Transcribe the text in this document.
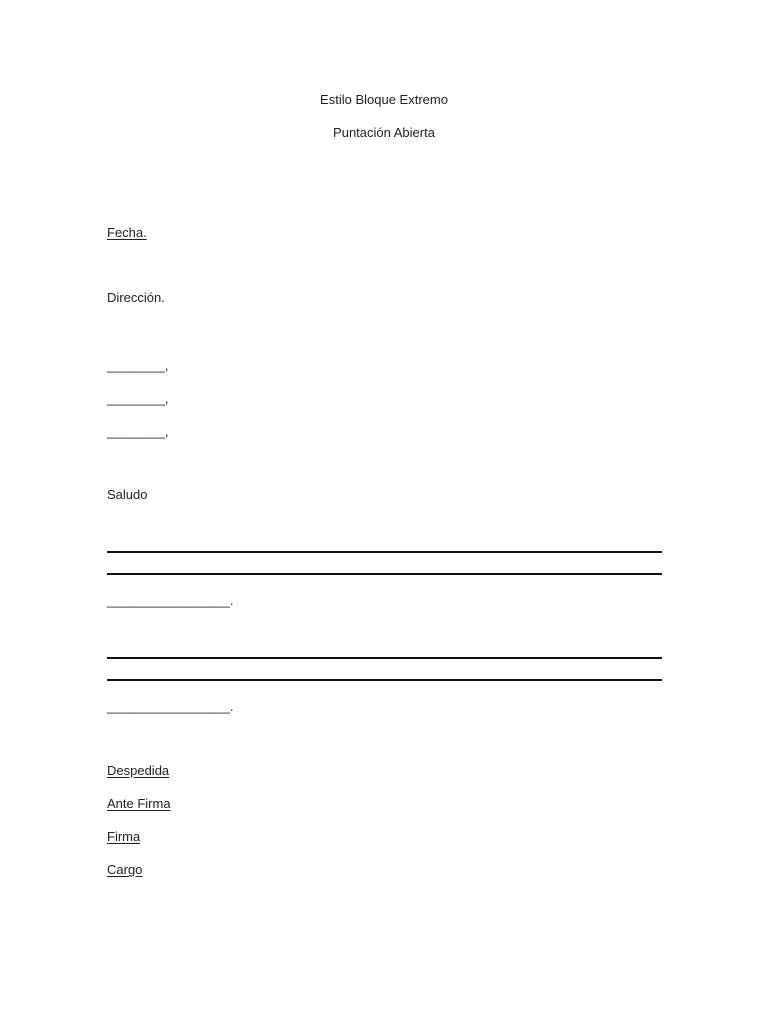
Estilo Bloque Extremo
Puntación Abierta
Fecha.
Dirección.
________,
________,
________,
Saludo
_________________.
_________________.
Despedida
Ante Firma
Firma
Cargo
